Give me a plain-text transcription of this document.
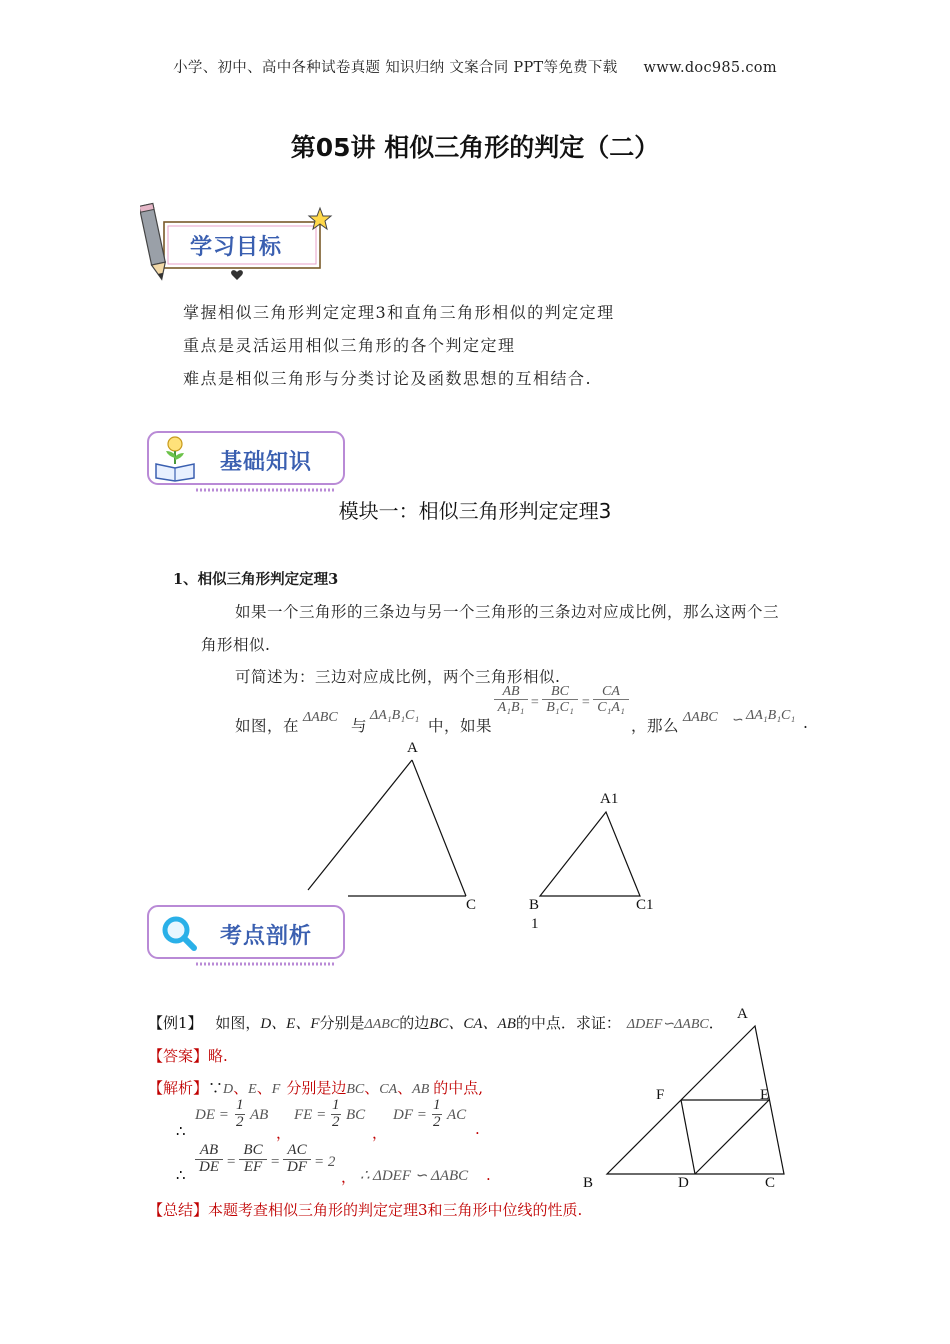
小学、初中、高中各种试卷真题 知识归纳 文案合同 PPT等免费下载 www.doc985.com
第05讲 相似三角形的判定（二）
学习目标
掌握相似三角形判定定理3和直角三角形相似的判定定理
重点是灵活运用相似三角形的各个判定定理
难点是相似三角形与分类讨论及函数思想的互相结合.
基础知识
模块一：相似三角形判定定理3
1、相似三角形判定定理3
如果一个三角形的三条边与另一个三角形的三条边对应成比例，那么这两个三
角形相似.
可简述为：三边对应成比例，两个三角形相似.
如图，在 ΔABC 与
ΔA₁B₁C₁
中，如果
$\frac{AB}{\text{A₁B₁}} = \frac{BC}{\text{B₁C₁}} = \frac{CA}{\text{C₁A₁}}$
，那么 ΔABC ∽ ΔA₁B₁C₁ .
A
C
A1
B
1
C1
考点剖析
【例1】 如图，D、E、F分别是ΔABC的边BC、CA、AB的中点．求证： ΔDEF∽ΔABC．
【答案】略.
【解析】∵D、E、F 分别是边BC、CA、AB 的中点,
∴
DE = $\frac{1}{2}$ AB
，
FE = $\frac{1}{2}$ BC
，
DF = $\frac{1}{2}$ AC
.
∴ $\frac{AB}{DE} = \frac{BC}{EF} = \frac{AC}{DF} = 2$
， ∴ ΔDEF ∽ ΔABC .
【总结】本题考查相似三角形的判定定理3和三角形中位线的性质.
A
F	E
B	D	C
